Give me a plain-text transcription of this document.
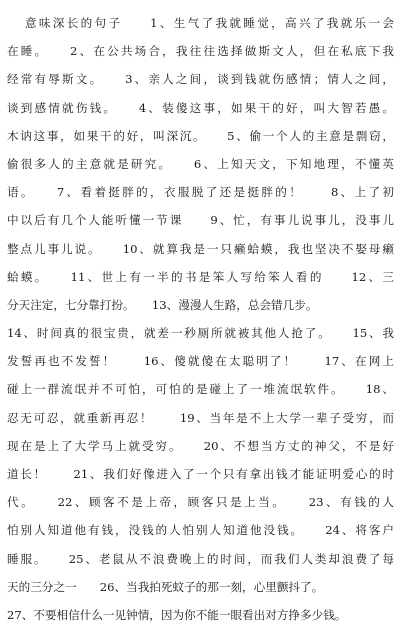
意味深长的句子　　1、生气了我就睡觉，高兴了我就乐一会
在睡。　　2、在公共场合，我往往选择做斯文人，但在私底下我
经常有辱斯文。　　3、亲人之间，谈到钱就伤感情；情人之间，
谈到感情就伤钱。　　4、装傻这事，如果干的好，叫大智若愚。
木讷这事，如果干的好，叫深沉。　　5、偷一个人的主意是剽窃，
偷很多人的主意就是研究。　　6、上知天文，下知地理，不懂英
语。　　7、看着挺胖的，衣服脱了还是挺胖的！　　8、上了初
中以后有几个人能听懂一节课　　9、忙，有事儿说事儿，没事儿
整点儿事儿说。　　10、就算我是一只癞蛤蟆，我也坚决不娶母癞
蛤蟆。　　11、世上有一半的书是笨人写给笨人看的　　12、三
分天注定，七分靠打扮。　　13、漫漫人生路，总会错几步。
14、时间真的很宝贵，就差一秒厕所就被其他人抢了。　　15、我
发誓再也不发誓！　　16、傻就傻在太聪明了！　　17、在网上
碰上一群流氓并不可怕，可怕的是碰上了一堆流氓软件。　　18、
忍无可忍，就重新再忍！　　19、当年是不上大学一辈子受穷，而
现在是上了大学马上就受穷。　　20、不想当方丈的神父，不是好
道长！　　21、我们好像进入了一个只有拿出钱才能证明爱心的时
代。　　22、顾客不是上帝，顾客只是上当。　　23、有钱的人
怕别人知道他有钱，没钱的人怕别人知道他没钱。　　24、将客户
睡服。　　25、老鼠从不浪费晚上的时间，而我们人类却浪费了每
天的三分之一　　26、当我拍死蚊子的那一刻，心里颤抖了。
27、不要相信什么一见钟情，因为你不能一眼看出对方挣多少钱。
